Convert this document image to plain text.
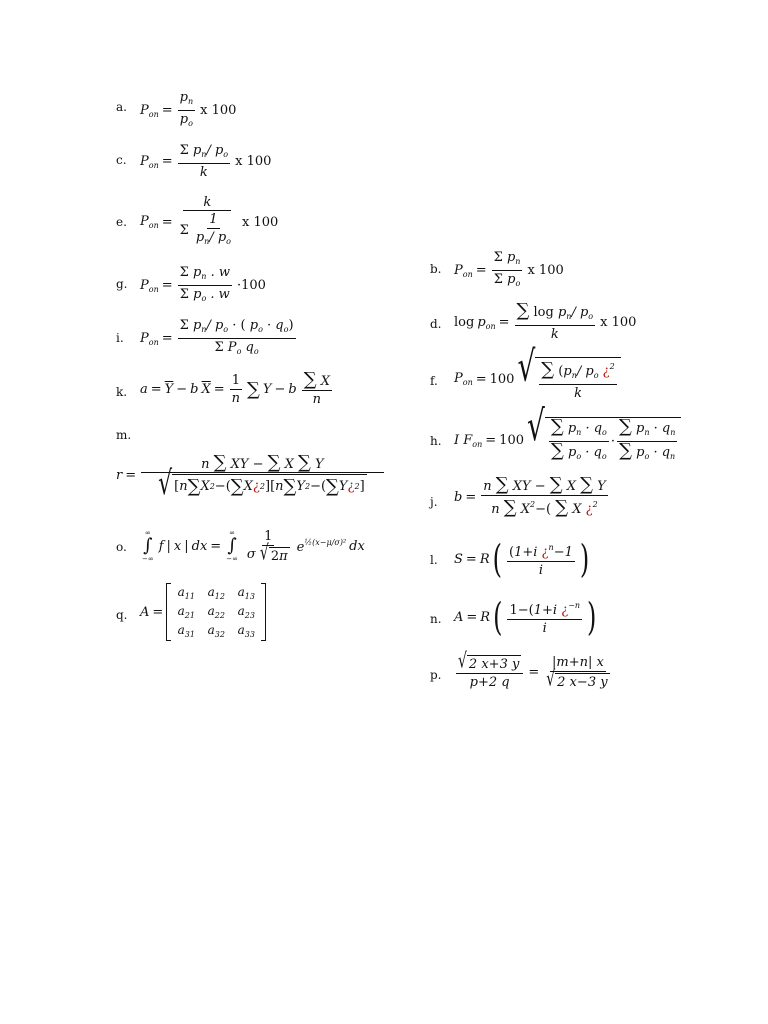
a. $P_{on} = \frac{p_n}{p_o}$ x 100
c. $P_{on} = \frac{\Sigma p_n/ p_o}{k}$ x 100
e. $P_{on} = \frac{k}{\Sigma \frac{1}{p_n/ p_o}}$ x 100
g. $P_{on} = \frac{\Sigma p_n . w}{\Sigma p_o . w} \cdot 100$
i. $P_{on} = \frac{\Sigma p_n/ p_o \cdot ( p_o \cdot q_o)}{\Sigma P_o q_o}$
k. $a = \overline{Y} - b$ $\overline{X} = \frac{1}{n}$ ∑ Y − b $\frac{\sum X}{n}$
m.
$r = \frac{n \sum XY - \sum X \sum Y}{√ [ n \sum X 2 - ( \sum X ¿ 2 ] [ n \sum Y 2 - ( \sum Y ¿ 2 ]}$
o.
∞
∫
−∞
f | x | dx =
∞
∫
−∞ $\frac{1}{\sigma √ 2 \pi} e^{\frac{1}{2}(x-\mu/\sigma)^2}$ dx
q. A =
$a_{11}$	$a_{12}$	$a_{13}$
$a_{21}$	$a_{22}$	$a_{23}$
$a_{31}$	$a_{32}$	$a_{33}$
b. $P_{on} = \frac{\Sigma p_n}{\Sigma p_o}$ x 100
d. $\log p_{on} = \frac{\sum \log p_n/ p_o}{k}$ x 100
f. $P_{on} = 100$ √ $\frac{\sum (p_n/ p_o ¿^2}{k}$
h. I $F_{on} = 100$ √ $\frac{\sum p_n \cdot q_o}{\sum p_o \cdot q_o} \cdot \frac{\sum p_n \cdot q_n}{\sum p_o \cdot q_n}$
j. $b = \frac{n \sum XY - \sum X \sum Y}{n \sum X^2-( \sum X ¿^2}$
l. S = R ( $\frac{(1+i ¿^n-1}{i}$ )
n. A = R ( $\frac{1-(1+i ¿^{-n}}{i}$ )
p. $\frac{√ 2 x + 3 y}{p+2 q} = \frac{|m+n| x}{√ 2 x - 3 y}$
